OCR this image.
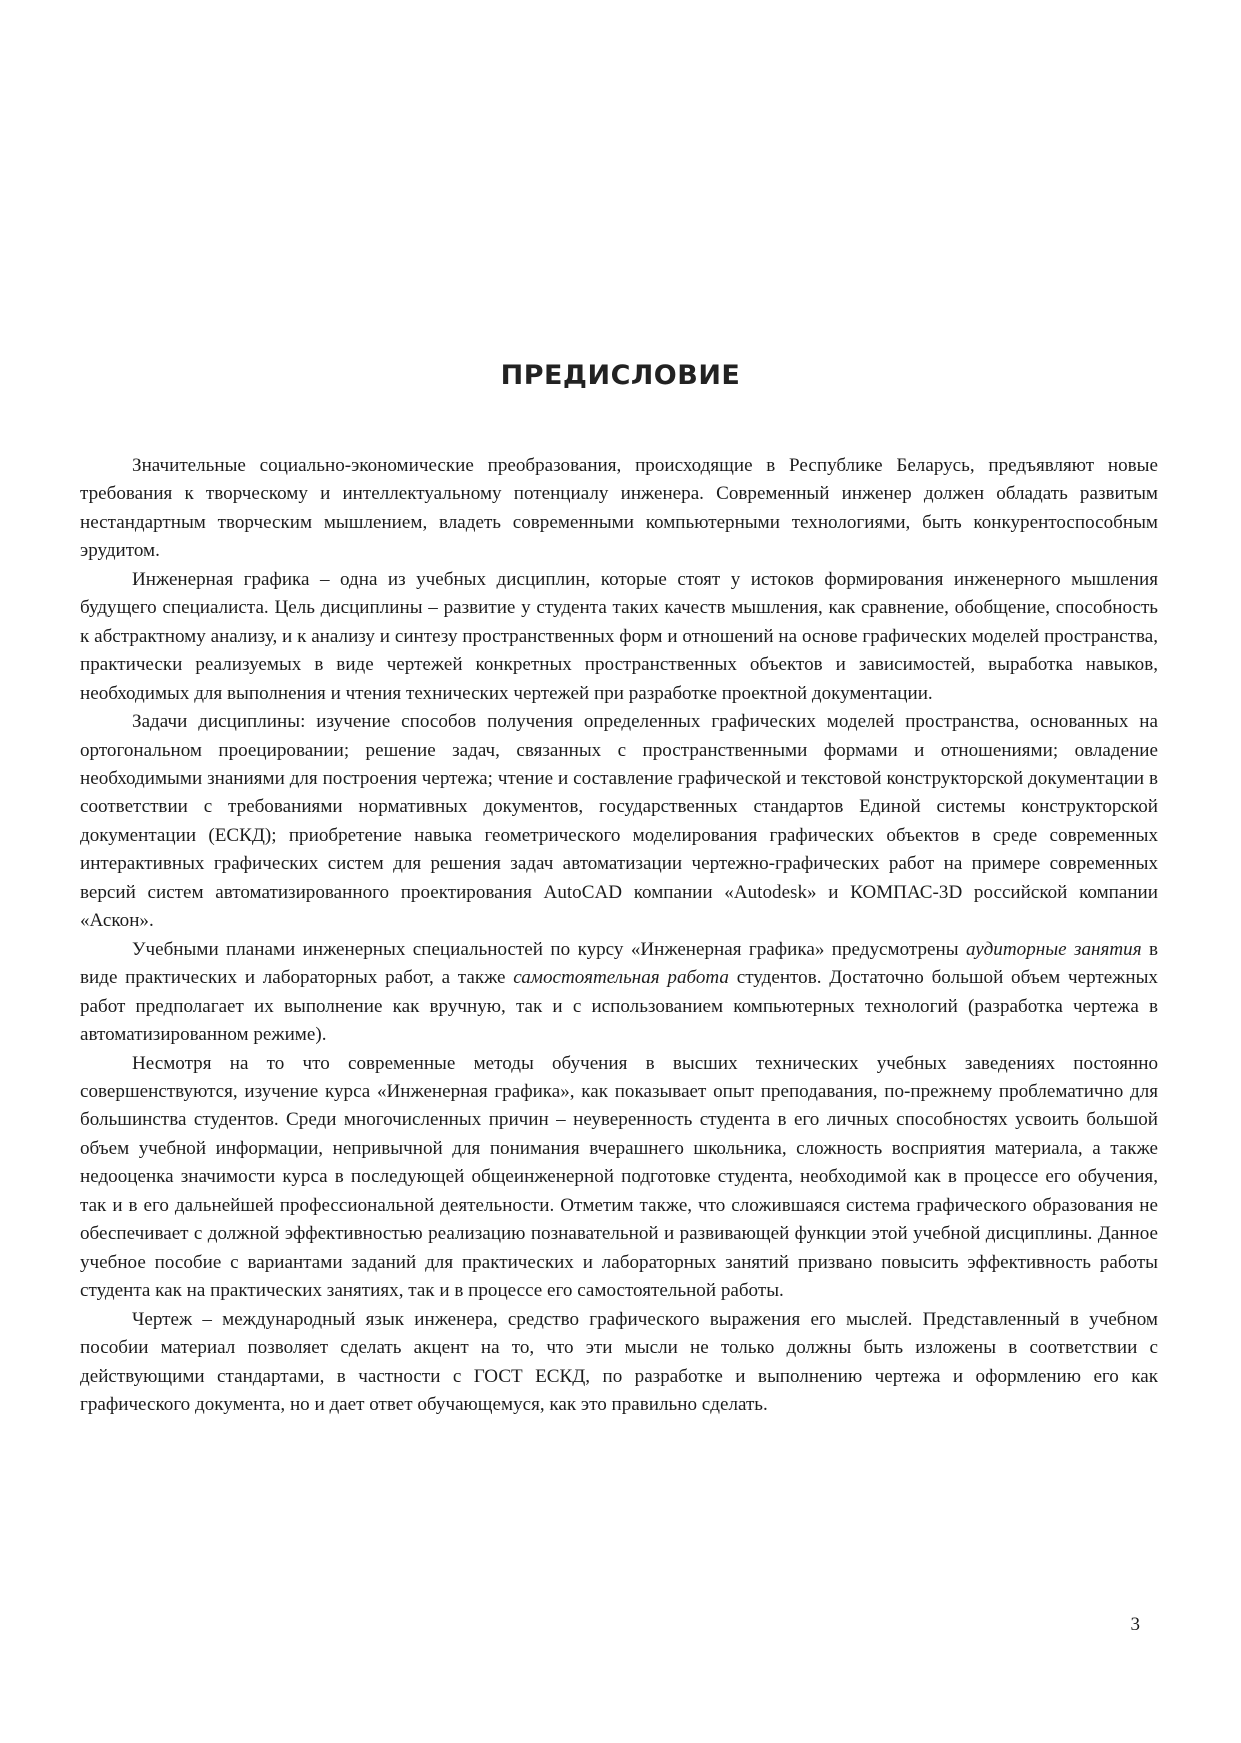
ПРЕДИСЛОВИЕ

Значительные социально-экономические преобразования, происходящие в Республике Беларусь, предъявляют новые требования к творческому и интеллектуальному потенциалу инженера. Современный инженер должен обладать развитым нестандартным творческим мышлением, владеть современными компьютерными технологиями, быть конкурентоспособным эрудитом.

Инженерная графика – одна из учебных дисциплин, которые стоят у истоков формирования инженерного мышления будущего специалиста. Цель дисциплины – развитие у студента таких качеств мышления, как сравнение, обобщение, способность к абстрактному анализу, и к анализу и синтезу пространственных форм и отношений на основе графических моделей пространства, практически реализуемых в виде чертежей конкретных пространственных объектов и зависимостей, выработка навыков, необходимых для выполнения и чтения технических чертежей при разработке проектной документации.

Задачи дисциплины: изучение способов получения определенных графических моделей пространства, основанных на ортогональном проецировании; решение задач, связанных с пространственными формами и отношениями; овладение необходимыми знаниями для построения чертежа; чтение и составление графической и текстовой конструкторской документации в соответствии с требованиями нормативных документов, государственных стандартов Единой системы конструкторской документации (ЕСКД); приобретение навыка геометрического моделирования графических объектов в среде современных интерактивных графических систем для решения задач автоматизации чертежно-графических работ на примере современных версий систем автоматизированного проектирования AutoCAD компании «Autodesk» и КОМПАС-3D российской компании «Аскон».

Учебными планами инженерных специальностей по курсу «Инженерная графика» предусмотрены аудиторные занятия в виде практических и лабораторных работ, а также самостоятельная работа студентов. Достаточно большой объем чертежных работ предполагает их выполнение как вручную, так и с использованием компьютерных технологий (разработка чертежа в автоматизированном режиме).

Несмотря на то что современные методы обучения в высших технических учебных заведениях постоянно совершенствуются, изучение курса «Инженерная графика», как показывает опыт преподавания, по-прежнему проблематично для большинства студентов. Среди многочисленных причин – неуверенность студента в его личных способностях усвоить большой объем учебной информации, непривычной для понимания вчерашнего школьника, сложность восприятия материала, а также недооценка значимости курса в последующей общеинженерной подготовке студента, необходимой как в процессе его обучения, так и в его дальнейшей профессиональной деятельности. Отметим также, что сложившаяся система графического образования не обеспечивает с должной эффективностью реализацию познавательной и развивающей функции этой учебной дисциплины. Данное учебное пособие с вариантами заданий для практических и лабораторных занятий призвано повысить эффективность работы студента как на практических занятиях, так и в процессе его самостоятельной работы.

Чертеж – международный язык инженера, средство графического выражения его мыслей. Представленный в учебном пособии материал позволяет сделать акцент на то, что эти мысли не только должны быть изложены в соответствии с действующими стандартами, в частности с ГОСТ ЕСКД, по разработке и выполнению чертежа и оформлению его как графического документа, но и дает ответ обучающемуся, как это правильно сделать.

3
